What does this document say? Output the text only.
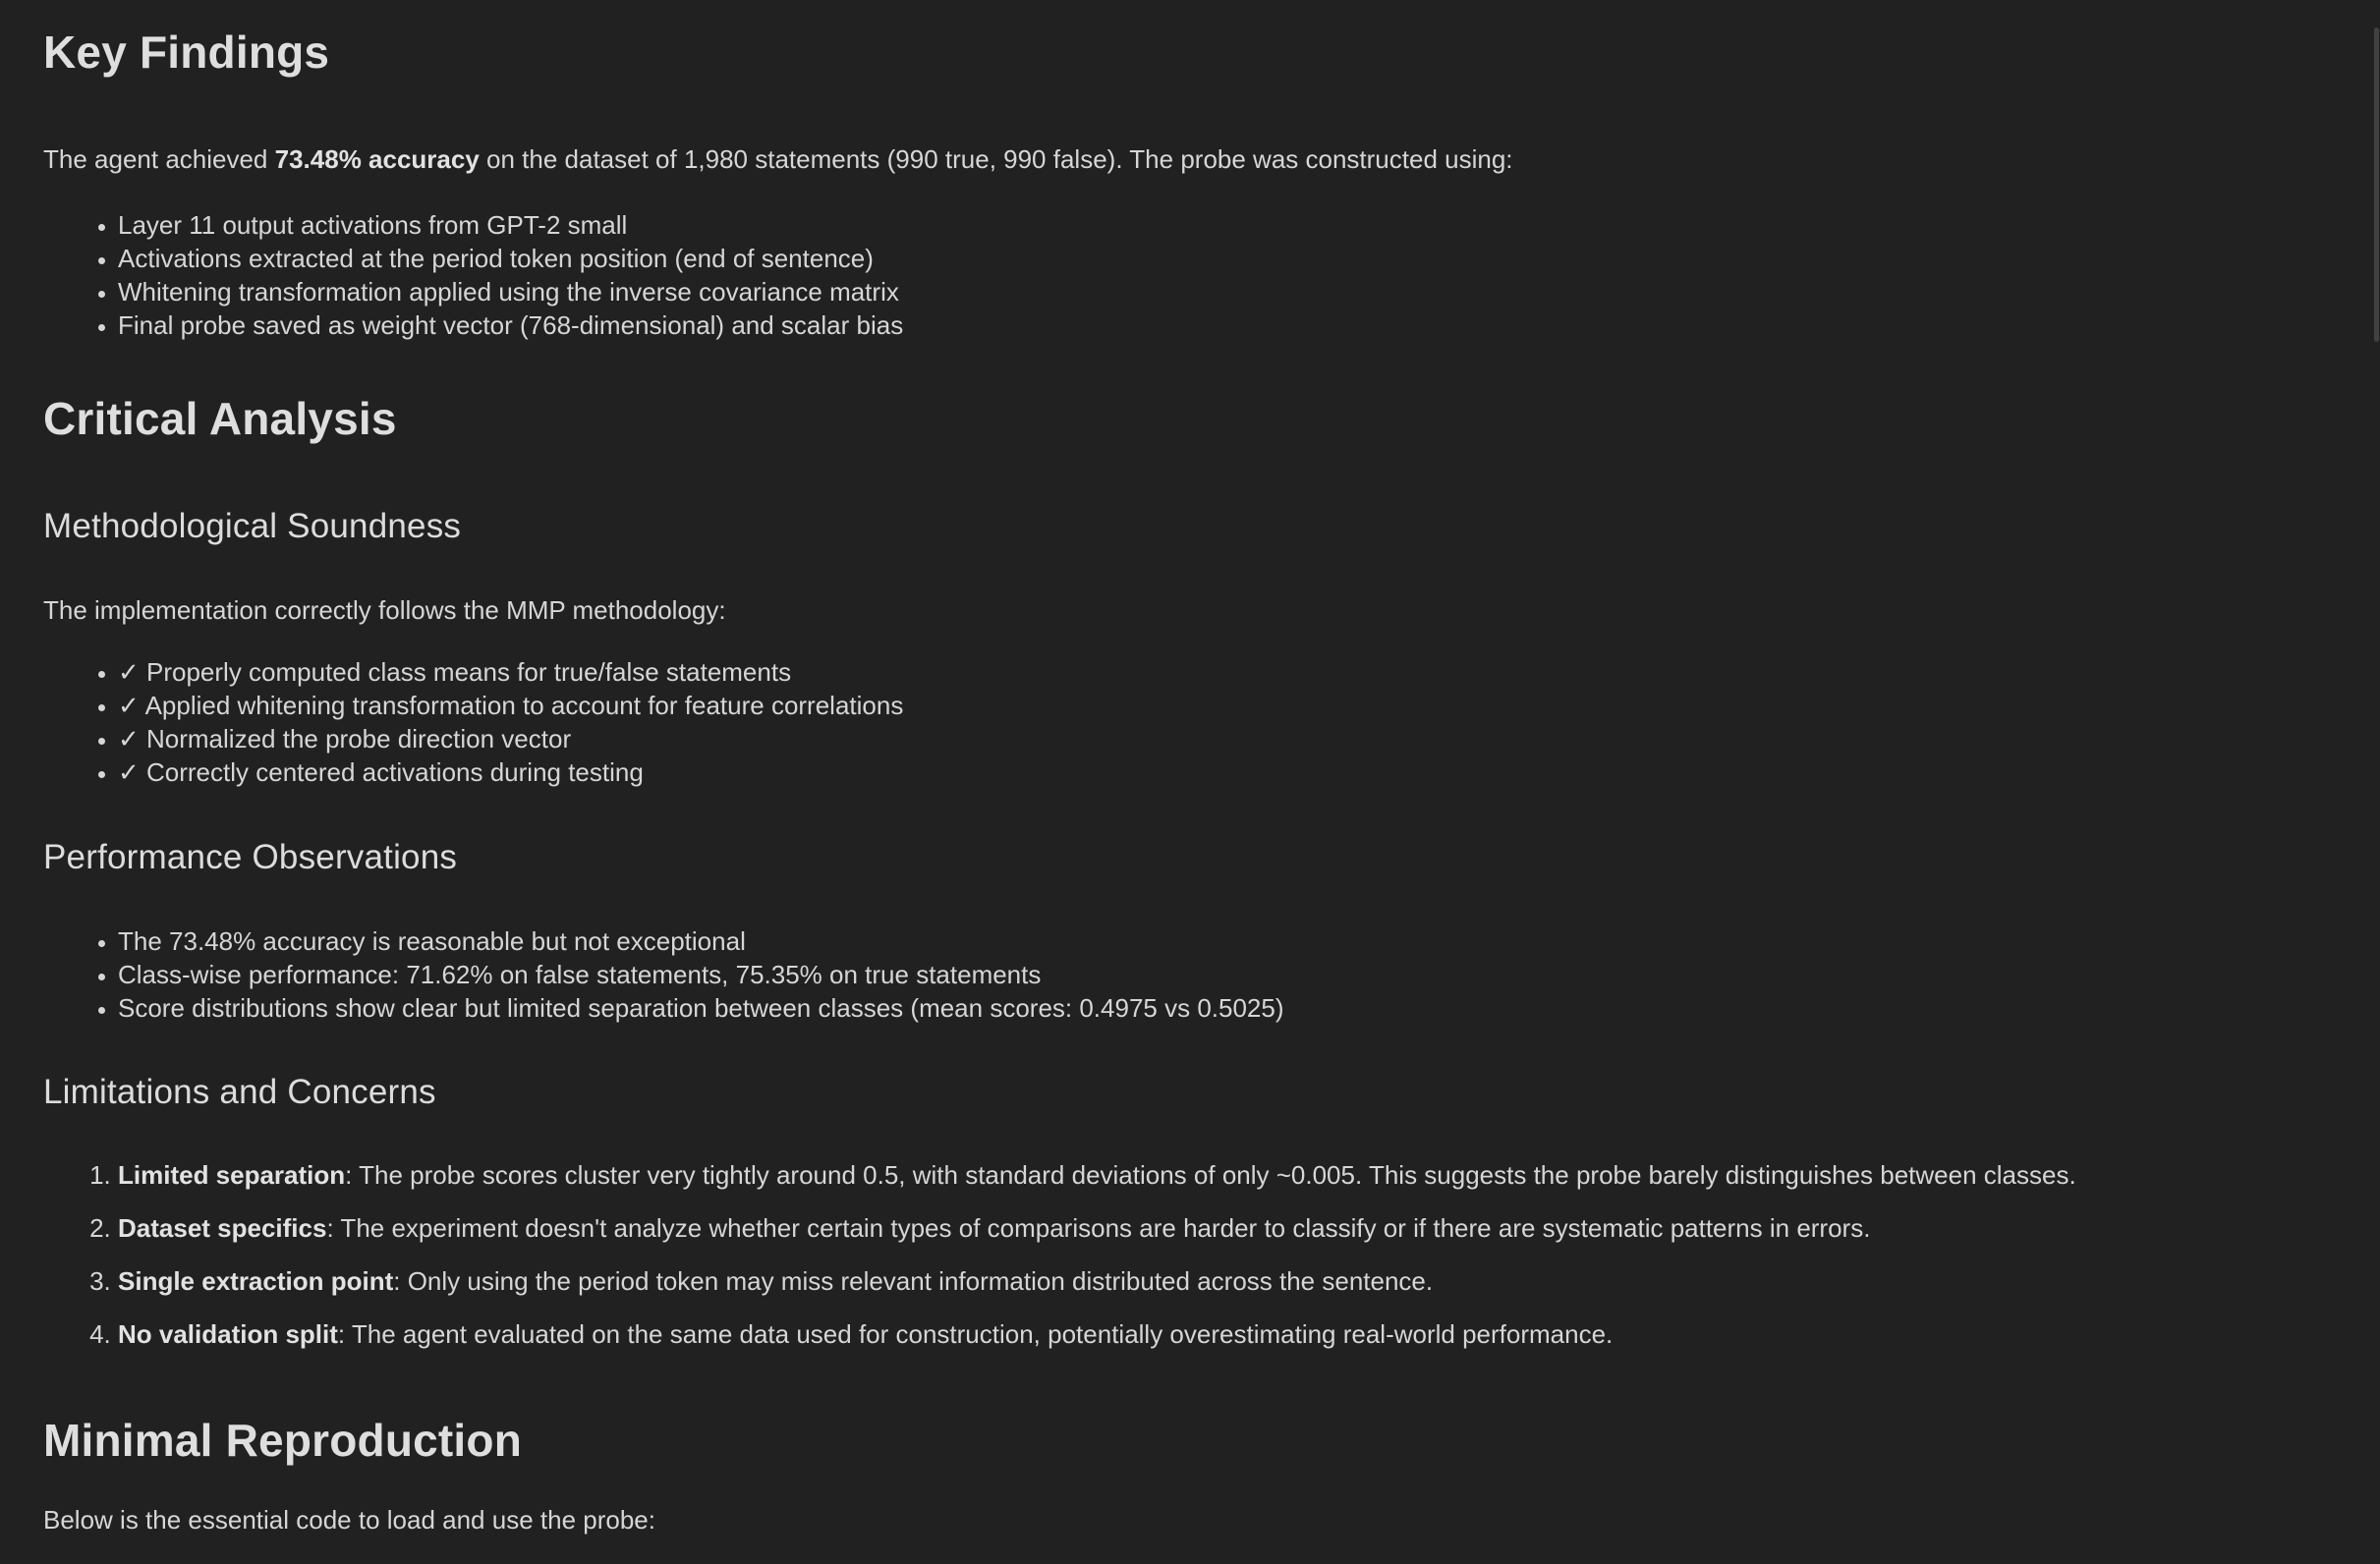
Key Findings

The agent achieved 73.48% accuracy on the dataset of 1,980 statements (990 true, 990 false). The probe was constructed using:

• Layer 11 output activations from GPT-2 small
• Activations extracted at the period token position (end of sentence)
• Whitening transformation applied using the inverse covariance matrix
• Final probe saved as weight vector (768-dimensional) and scalar bias
Critical Analysis
Methodological Soundness

The implementation correctly follows the MMP methodology:

• ✓ Properly computed class means for true/false statements
• ✓ Applied whitening transformation to account for feature correlations
• ✓ Normalized the probe direction vector
• ✓ Correctly centered activations during testing
Performance Observations
• The 73.48% accuracy is reasonable but not exceptional
• Class-wise performance: 71.62% on false statements, 75.35% on true statements
• Score distributions show clear but limited separation between classes (mean scores: 0.4975 vs 0.5025)
Limitations and Concerns
1. Limited separation: The probe scores cluster very tightly around 0.5, with standard deviations of only ~0.005. This suggests the probe barely distinguishes between classes.
2. Dataset specifics: The experiment doesn't analyze whether certain types of comparisons are harder to classify or if there are systematic patterns in errors.
3. Single extraction point: Only using the period token may miss relevant information distributed across the sentence.
4. No validation split: The agent evaluated on the same data used for construction, potentially overestimating real-world performance.
Minimal Reproduction

Below is the essential code to load and use the probe:
